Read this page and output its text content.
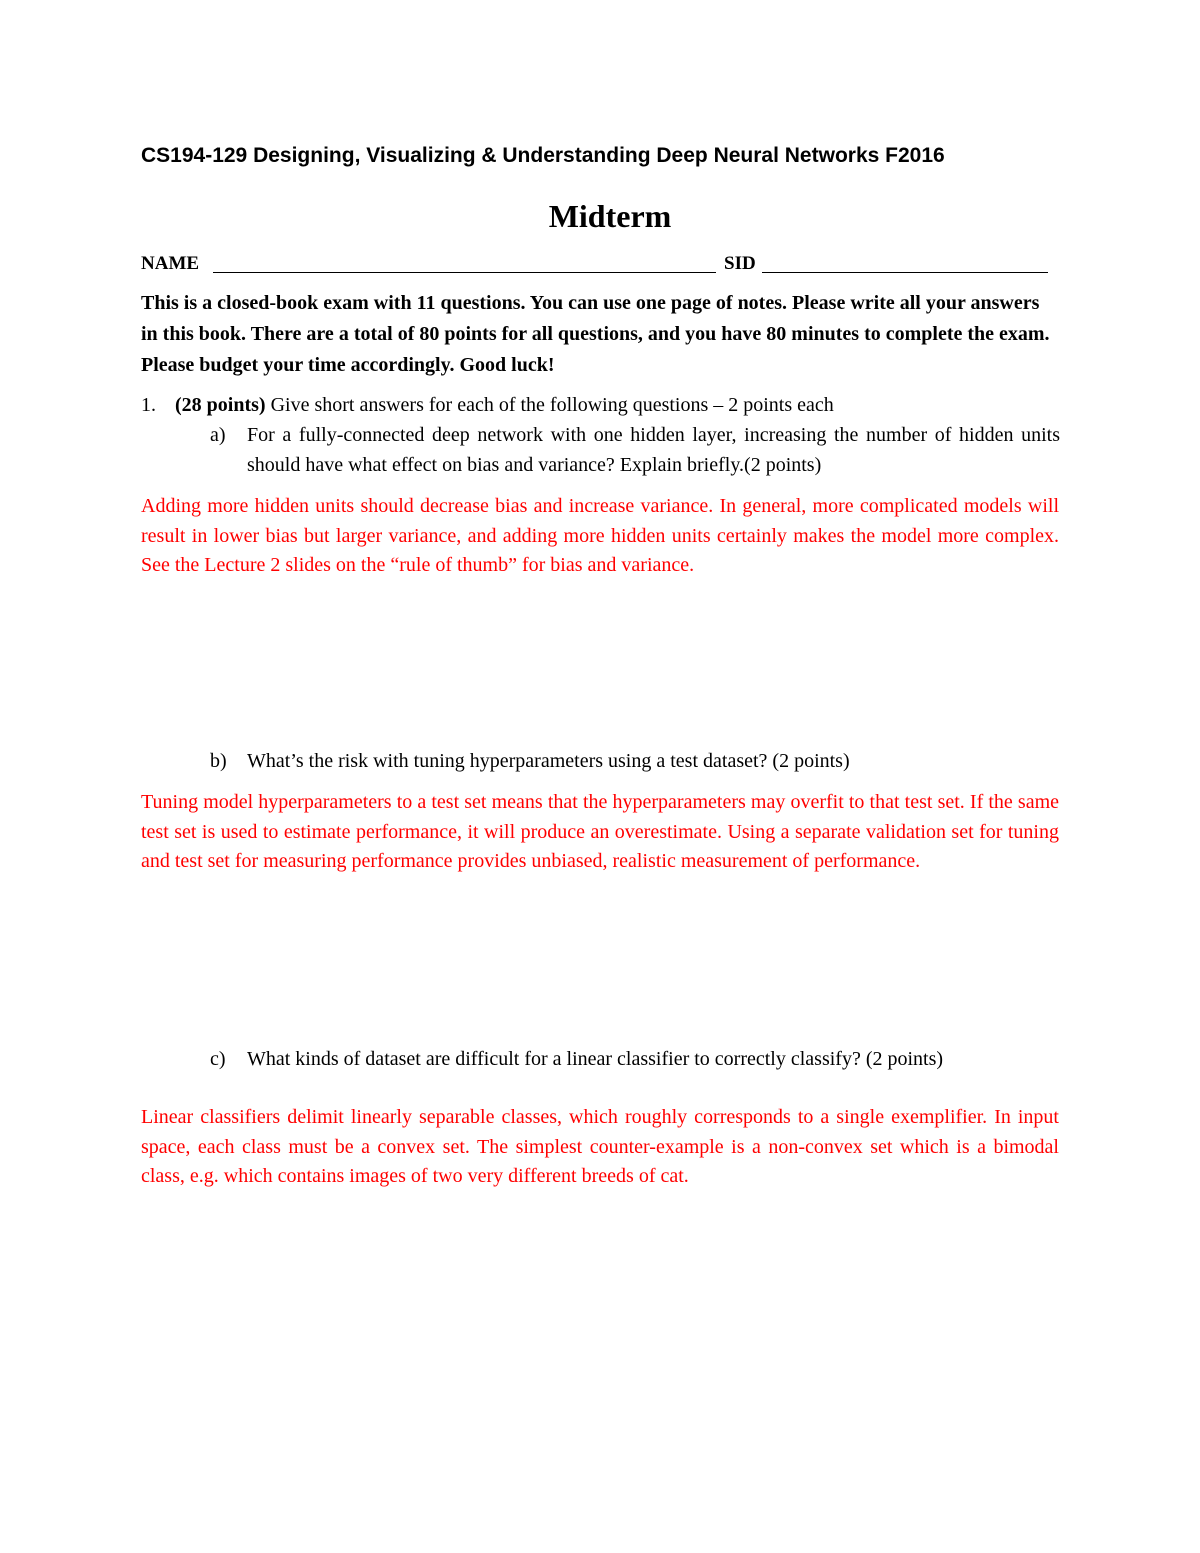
CS194-129 Designing, Visualizing & Understanding Deep Neural Networks F2016
Midterm
NAME	SID
This is a closed-book exam with 11 questions. You can use one page of notes. Please write all your answers in this book. There are a total of 80 points for all questions, and you have 80 minutes to complete the exam. Please budget your time accordingly. Good luck!
1. (28 points) Give short answers for each of the following questions – 2 points each
a) For a fully-connected deep network with one hidden layer, increasing the number of hidden units should have what effect on bias and variance? Explain briefly.(2 points)
Adding more hidden units should decrease bias and increase variance. In general, more complicated models will result in lower bias but larger variance, and adding more hidden units certainly makes the model more complex. See the Lecture 2 slides on the “rule of thumb” for bias and variance.
b) What’s the risk with tuning hyperparameters using a test dataset? (2 points)
Tuning model hyperparameters to a test set means that the hyperparameters may overfit to that test set. If the same test set is used to estimate performance, it will produce an overestimate. Using a separate validation set for tuning and test set for measuring performance provides unbiased, realistic measurement of performance.
c) What kinds of dataset are difficult for a linear classifier to correctly classify? (2 points)
Linear classifiers delimit linearly separable classes, which roughly corresponds to a single exemplifier. In input space, each class must be a convex set. The simplest counter-example is a non-convex set which is a bimodal class, e.g. which contains images of two very different breeds of cat.
